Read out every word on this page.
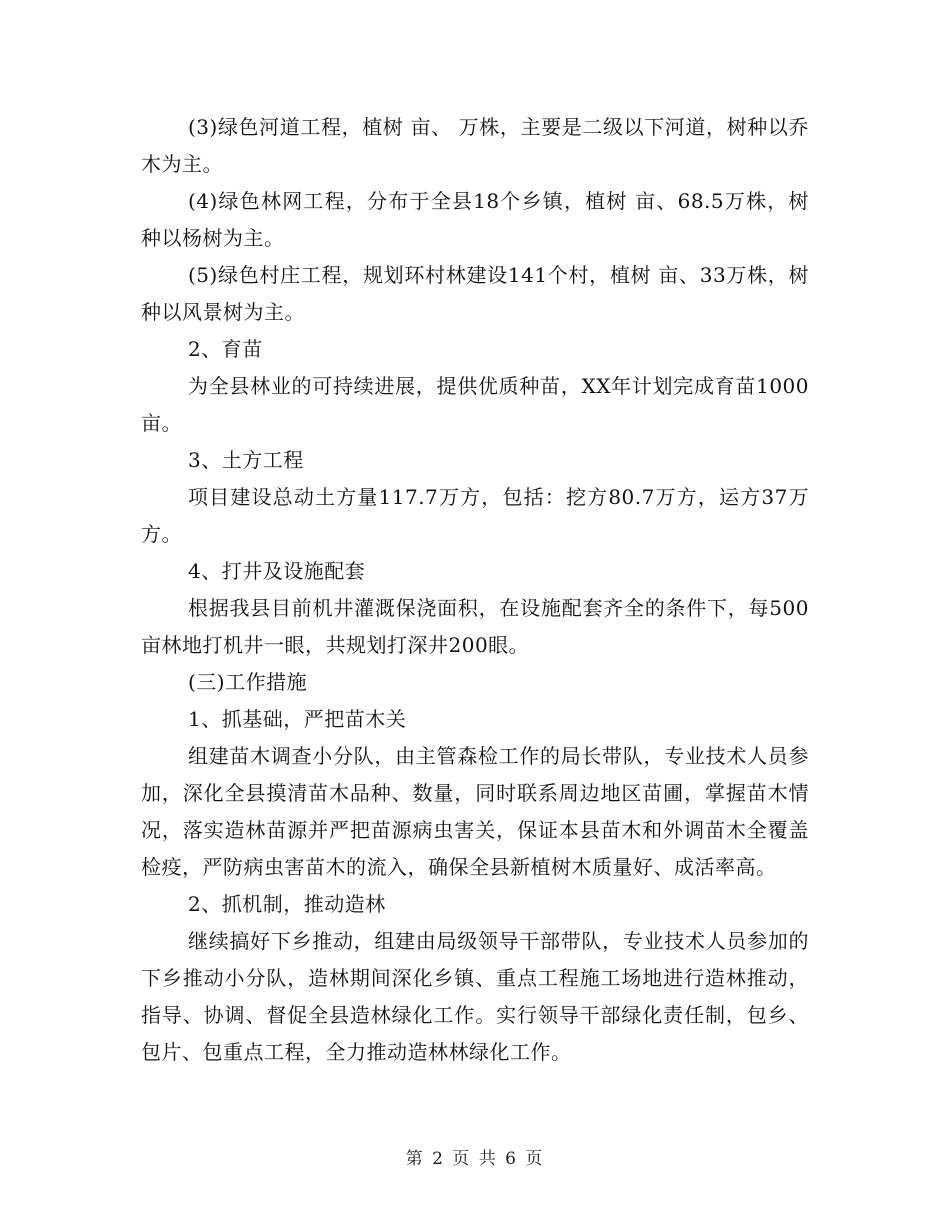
(3)绿色河道工程，植树 亩、 万株，主要是二级以下河道，树种以乔木为主。

(4)绿色林网工程，分布于全县18个乡镇，植树 亩、68.5万株，树种以杨树为主。

(5)绿色村庄工程，规划环村林建设141个村，植树 亩、33万株，树种以风景树为主。

2、育苗

为全县林业的可持续进展，提供优质种苗，XX年计划完成育苗1000亩。

3、土方工程

项目建设总动土方量117.7万方，包括：挖方80.7万方，运方37万方。

4、打井及设施配套

根据我县目前机井灌溉保浇面积，在设施配套齐全的条件下，每500亩林地打机井一眼，共规划打深井200眼。

(三)工作措施

1、抓基础，严把苗木关

组建苗木调查小分队，由主管森检工作的局长带队，专业技术人员参加，深化全县摸清苗木品种、数量，同时联系周边地区苗圃，掌握苗木情况，落实造林苗源并严把苗源病虫害关，保证本县苗木和外调苗木全覆盖检疫，严防病虫害苗木的流入，确保全县新植树木质量好、成活率高。

2、抓机制，推动造林

继续搞好下乡推动，组建由局级领导干部带队，专业技术人员参加的下乡推动小分队，造林期间深化乡镇、重点工程施工场地进行造林推动，指导、协调、督促全县造林绿化工作。实行领导干部绿化责任制，包乡、包片、包重点工程，全力推动造林林绿化工作。

第 2 页 共 6 页
